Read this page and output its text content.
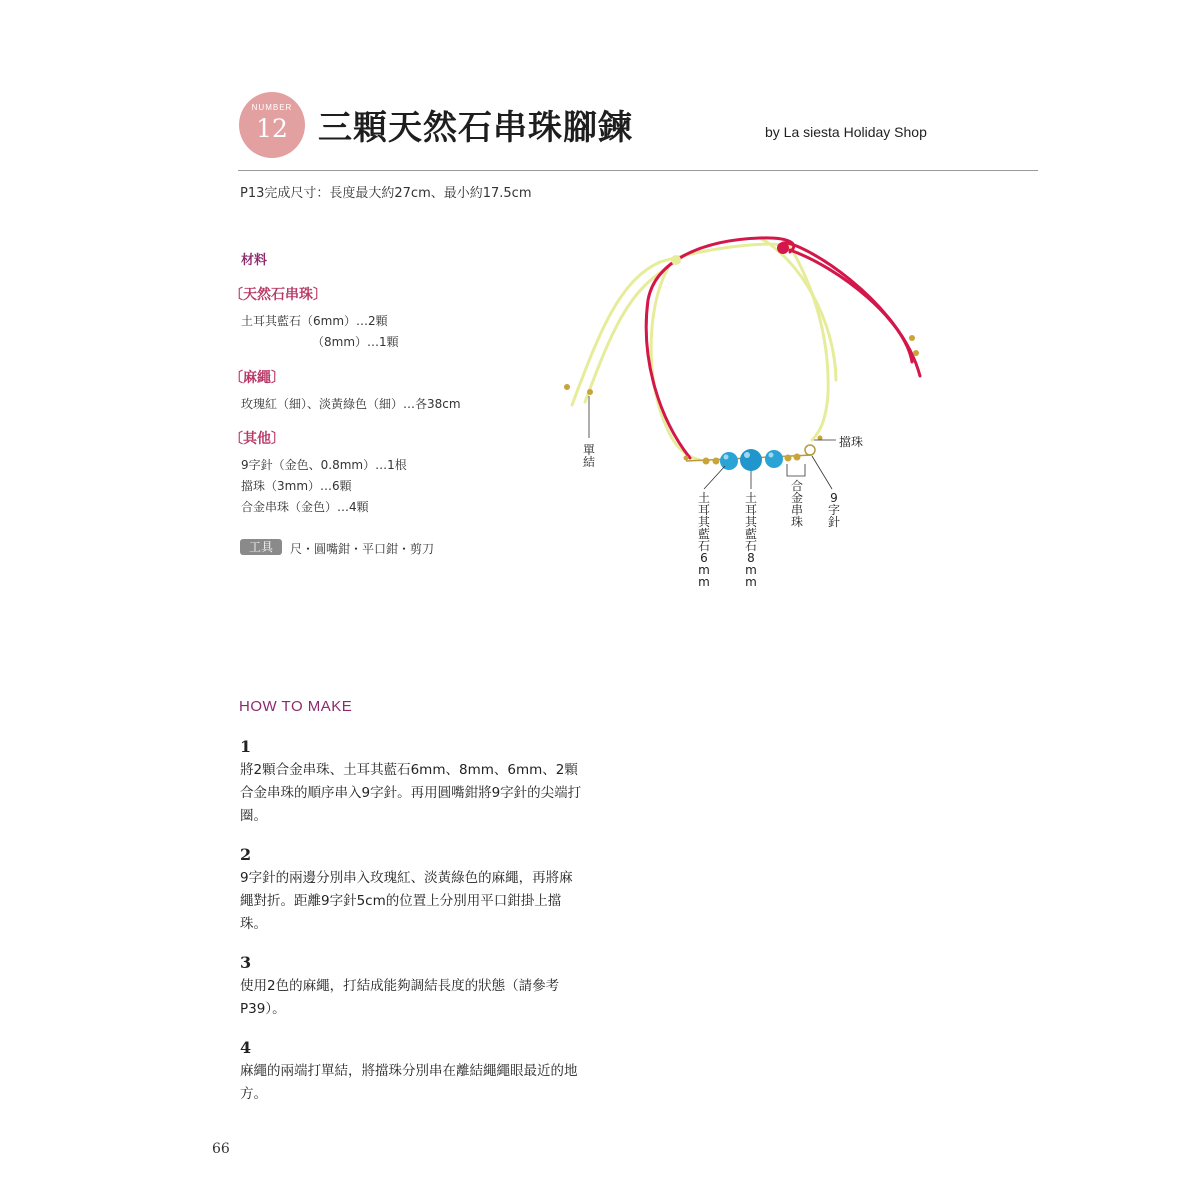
NUMBER
12 三顆天然石串珠腳鍊	by La siesta Holiday Shop
P13完成尺寸：長度最大約27cm、最小約17.5cm
材料
〔天然石串珠〕
土耳其藍石（6mm）…2顆
（8mm）…1顆
〔麻繩〕
玫瑰紅（細）、淡黃綠色（細）…各38cm
〔其他〕
9字針（金色、0.8mm）…1根
擋珠（3mm）…6顆
合金串珠（金色）…4顆
工具	尺・圓嘴鉗・平口鉗・剪刀
單結
擋珠
土耳其藍石6mm
土耳其藍石8mm
合金串珠
9字針
HOW TO MAKE
1
將2顆合金串珠、土耳其藍石6mm、8mm、6mm、2顆合金串珠的順序串入9字針。再用圓嘴鉗將9字針的尖端打圈。
2
9字針的兩邊分別串入玫瑰紅、淡黃綠色的麻繩，再將麻繩對折。距離9字針5cm的位置上分別用平口鉗掛上擋珠。
3
使用2色的麻繩，打結成能夠調結長度的狀態（請參考P39）。
4
麻繩的兩端打單結，將擋珠分別串在離結繩繩眼最近的地方。
66
